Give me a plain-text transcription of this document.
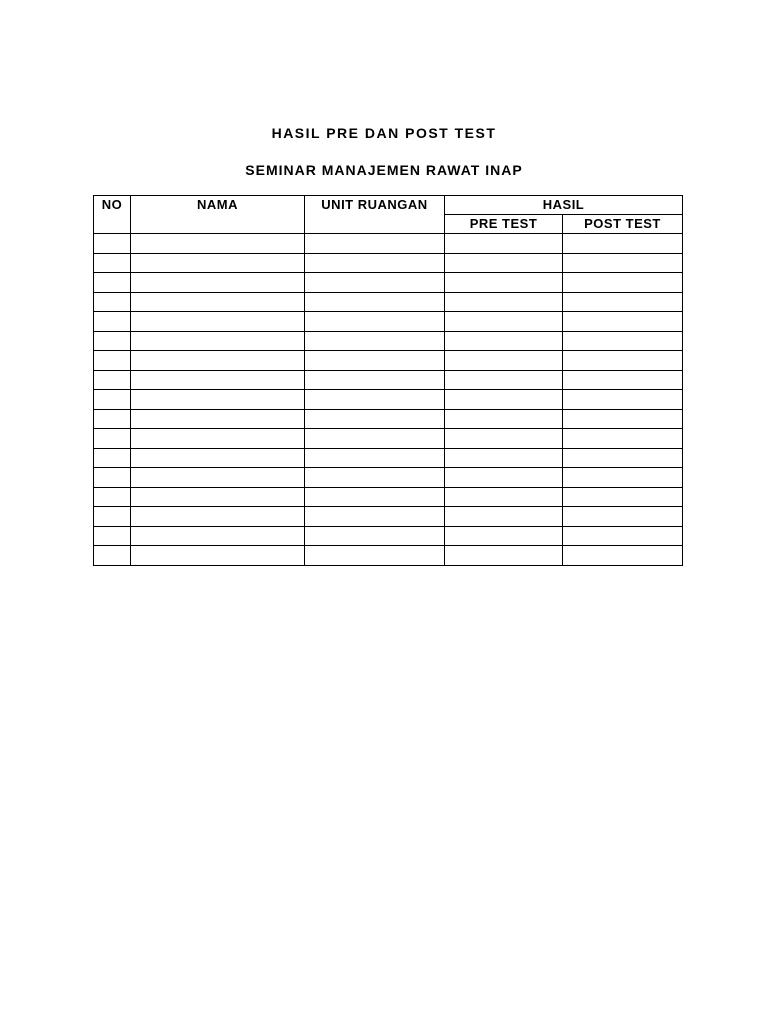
HASIL PRE DAN POST TEST
SEMINAR MANAJEMEN RAWAT INAP
NO	NAMA	UNIT RUANGAN	HASIL	
			PRE TEST	POST TEST
